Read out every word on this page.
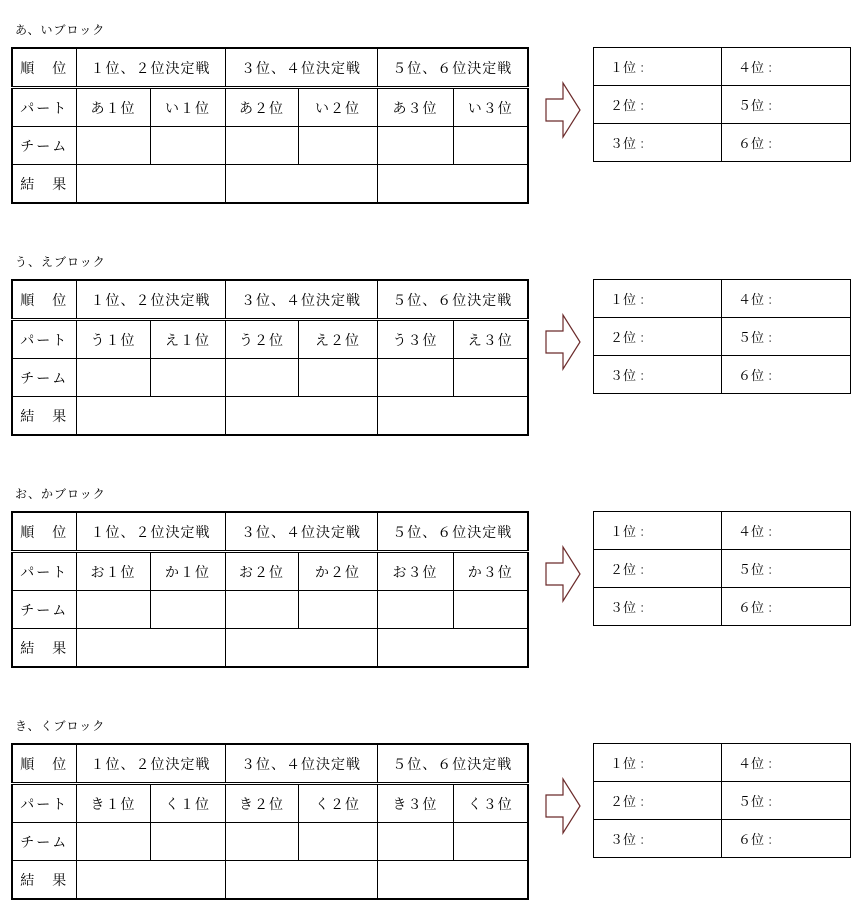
あ、いブロック
順　位	１位、２位決定戦		３位、４位決定戦		５位、６位決定戦	
パート	あ１位	い１位	あ２位	い２位	あ３位	い３位
チーム						
結　果						
１位 :	４位 :
２位 :	５位 :
３位 :	６位 :
う、えブロック
順　位	１位、２位決定戦		３位、４位決定戦		５位、６位決定戦	
パート	う１位	え１位	う２位	え２位	う３位	え３位
チーム						
結　果						
１位 :	４位 :
２位 :	５位 :
３位 :	６位 :
お、かブロック
順　位	１位、２位決定戦		３位、４位決定戦		５位、６位決定戦	
パート	お１位	か１位	お２位	か２位	お３位	か３位
チーム						
結　果						
１位 :	４位 :
２位 :	５位 :
３位 :	６位 :
き、くブロック
順　位	１位、２位決定戦		３位、４位決定戦		５位、６位決定戦	
パート	き１位	く１位	き２位	く２位	き３位	く３位
チーム						
結　果						
１位 :	４位 :
２位 :	５位 :
３位 :	６位 :
